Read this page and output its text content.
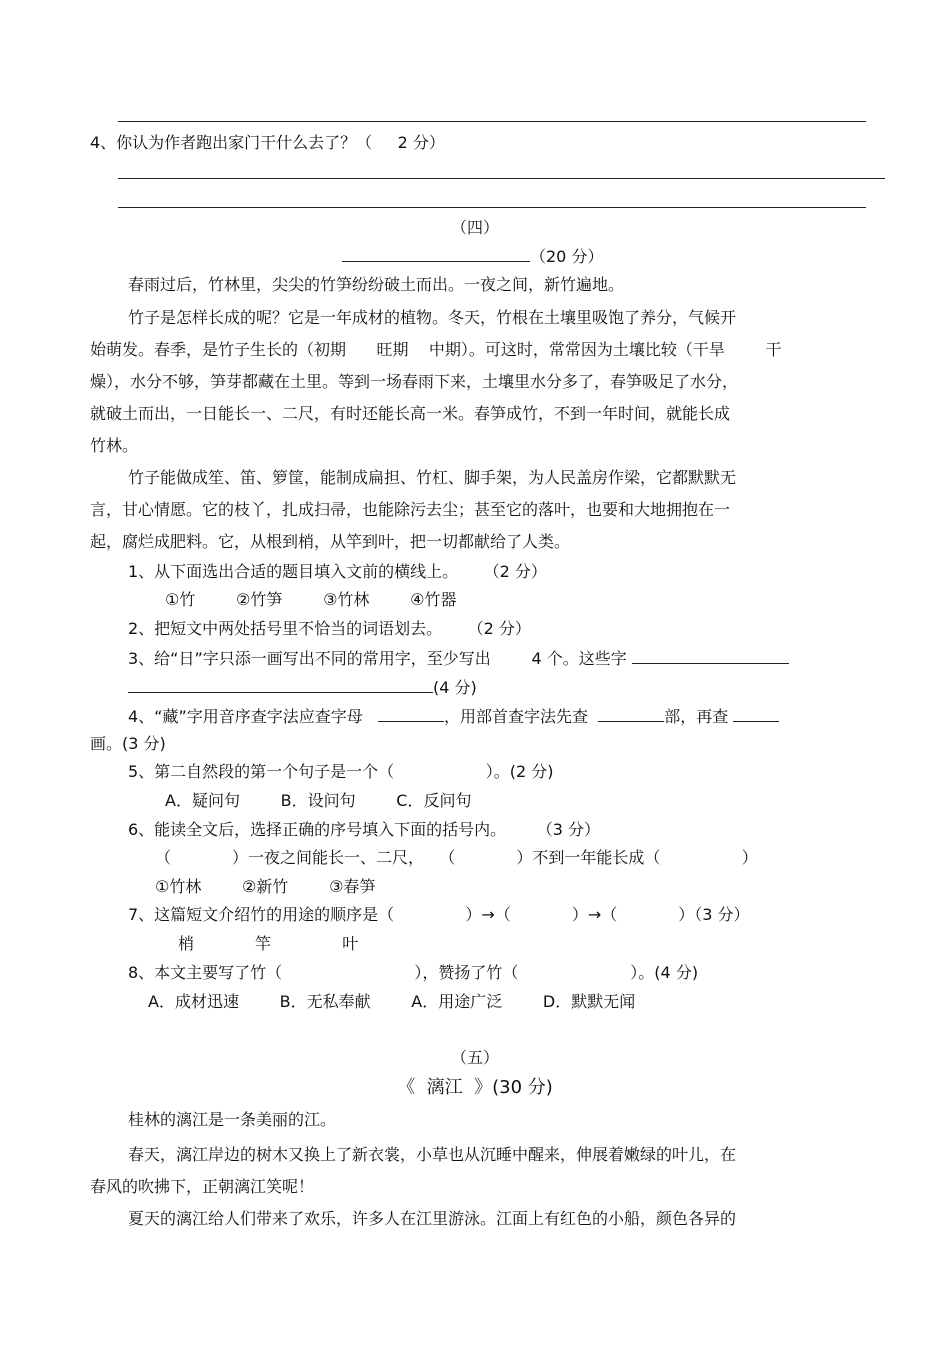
4、你认为作者跑出家门干什么去了？（     2 分）
（四）
（20 分）
春雨过后，竹林里，尖尖的竹笋纷纷破土而出。一夜之间，新竹遍地。
竹子是怎样长成的呢？它是一年成材的植物。冬天，竹根在土壤里吸饱了养分，气候开
始萌发。春季，是竹子生长的（初期      旺期    中期）。可这时，常常因为土壤比较（干旱        干
燥），水分不够，笋芽都藏在土里。等到一场春雨下来，土壤里水分多了，春笋吸足了水分，
就破土而出，一日能长一、二尺，有时还能长高一米。春笋成竹，不到一年时间，就能长成
竹林。
竹子能做成笙、笛、箩筐，能制成扁担、竹杠、脚手架，为人民盖房作梁，它都默默无
言，甘心情愿。它的枝丫，扎成扫帚，也能除污去尘；甚至它的落叶，也要和大地拥抱在一
起，腐烂成肥料。它，从根到梢，从竿到叶，把一切都献给了人类。
1、从下面选出合适的题目填入文前的横线上。     （2 分）
①竹        ②竹笋        ③竹林        ④竹器
2、把短文中两处括号里不恰当的词语划去。     （2 分）
3、给“日”字只添一画写出不同的常用字，至少写出        4 个。这些字
(4 分)
4、“藏”字用音序查字法应查字母	，用部首查字法先查	部，再查
画。(3 分)
5、第二自然段的第一个句子是一个（                  ）。(2 分)
A．疑问句        B．设问句        C．反问句
6、能读全文后，选择正确的序号填入下面的括号内。      （3 分）
（            ）一夜之间能长一、二尺，   （            ）不到一年能长成（                ）
①竹林        ②新竹        ③春笋
7、这篇短文介绍竹的用途的顺序是（              ）→（            ）→（            ）（3 分）
梢            竿              叶
8、本文主要写了竹（                          ），赞扬了竹（                      ）。(4 分)
A．成材迅速        B．无私奉献        A．用途广泛        D．默默无闻
（五）
《  漓江  》(30 分)
桂林的漓江是一条美丽的江。
春天，漓江岸边的树木又换上了新衣裳，小草也从沉睡中醒来，伸展着嫩绿的叶儿，在
春风的吹拂下，正朝漓江笑呢！
夏天的漓江给人们带来了欢乐，许多人在江里游泳。江面上有红色的小船，颜色各异的
